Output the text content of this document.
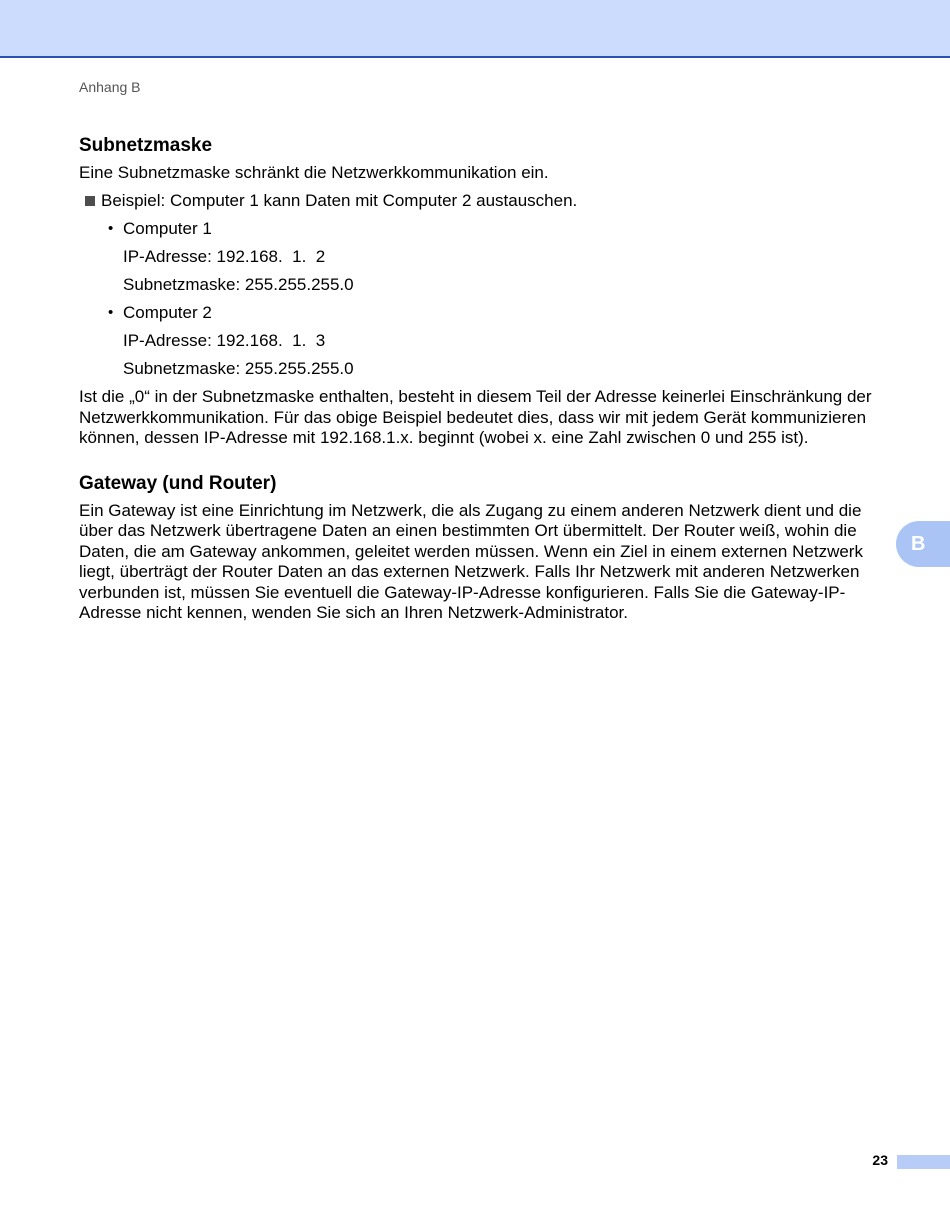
Anhang B
Subnetzmaske

Eine Subnetzmaske schränkt die Netzwerkkommunikation ein.

Beispiel: Computer 1 kann Daten mit Computer 2 austauschen.
• Computer 1
IP-Adresse: 192.168.  1.  2
Subnetzmaske: 255.255.255.0
• Computer 2
IP-Adresse: 192.168.  1.  3
Subnetzmaske: 255.255.255.0

Ist die „0“ in der Subnetzmaske enthalten, besteht in diesem Teil der Adresse keinerlei Einschränkung der Netzwerkkommunikation. Für das obige Beispiel bedeutet dies, dass wir mit jedem Gerät kommunizieren können, dessen IP-Adresse mit 192.168.1.x. beginnt (wobei x. eine Zahl zwischen 0 und 255 ist).

Gateway (und Router)

Ein Gateway ist eine Einrichtung im Netzwerk, die als Zugang zu einem anderen Netzwerk dient und die über das Netzwerk übertragene Daten an einen bestimmten Ort übermittelt. Der Router weiß, wohin die Daten, die am Gateway ankommen, geleitet werden müssen. Wenn ein Ziel in einem externen Netzwerk liegt, überträgt der Router Daten an das externen Netzwerk. Falls Ihr Netzwerk mit anderen Netzwerken verbunden ist, müssen Sie eventuell die Gateway-IP-Adresse konfigurieren. Falls Sie die Gateway-IP-Adresse nicht kennen, wenden Sie sich an Ihren Netzwerk-Administrator.

B
23
